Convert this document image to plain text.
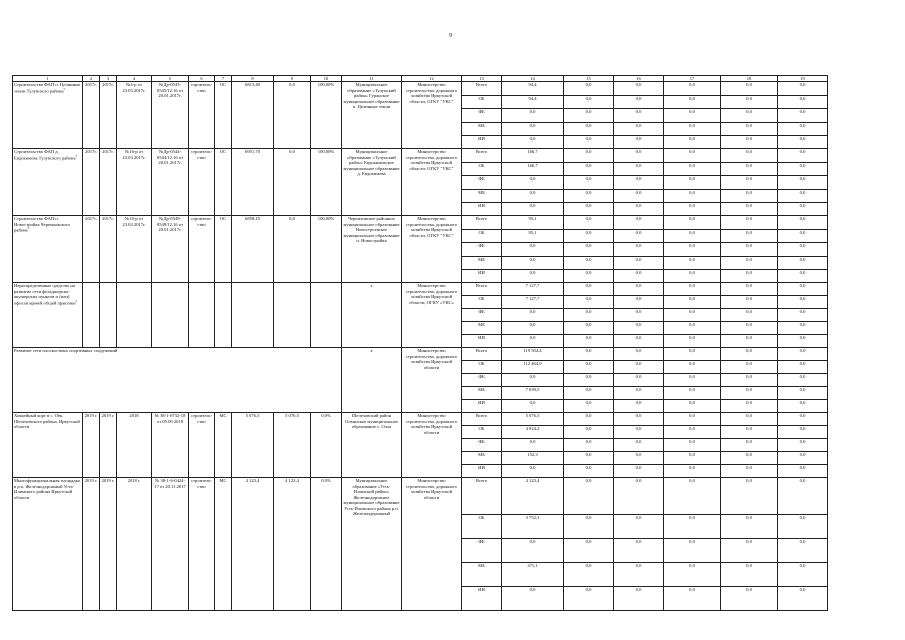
9
1	2	3	4	5	6	7	8	9	10	11	12	13	14	15	16	17	18	19
Строительство ФАП п. Целинные земли Тулунского района$^5$	2017г.	2017г.	№4-р от 23.03.2017г.	№Др-0545-0545/12.16 от 20.01.2017г.	строитель-ство	ОС	6813,40	0,0	100,00%	Муниципальное образование «Тулунский район» Гуранское муниципальное образование п. Целинные земли	Министерство строительства, дорожного хозяйства Иркутской области, ОГКУ "УКС"	Всего	94,4	0,0	0,0	0,0	0,0	0,0
												ОБ	94,4	0,0	0,0	0,0	0,0	0,0
												ФБ	0,0	0,0	0,0	0,0	0,0	0,0
												МБ	0,0	0,0	0,0	0,0	0,0	0,0
												ИИ	0,0	0,0	0,0	0,0	0,0	0,0
Строительство ФАП д. Евдокимова Тулунского района$^5$	2017г.	2017г.	№16-р от 23.03.2017г.	№Др-0544-0544/12.16 от 20.01.2017г.	строитель-ство	ОС	6951,70	0,0	100,00%	Муниципальное образование «Тулунский район» Евдокимовское муниципальное образование д. Евдокимова	Министерство строительства, дорожного хозяйства Иркутской области, ОГКУ "УКС"	Всего	166,7	0,0	0,0	0,0	0,0	0,0
												ОБ	166,7	0,0	0,0	0,0	0,0	0,0
												ФБ	0,0	0,0	0,0	0,0	0,0	0,0
												МБ	0,0	0,0	0,0	0,0	0,0	0,0
												ИИ	0,0	0,0	0,0	0,0	0,0	0,0
Строительство ФАП п. Новостройка Черемховского района$^5$	2017г.	2017г.	№10-р от 23.03.2017г.	№Др-0549-0549/12.16 от 20.01.2017г.	строитель-ство	ОС	6858,10	0,0	100,00%	Черемховское районное муниципальное образование Новостроевское муниципальное образование п. Новостройка	Министерство строительства, дорожного хозяйства Иркутской области, ОГКУ "УКС"	Всего	95,1	0,0	0,0	0,0	0,0	0,0
												ОБ	95,1	0,0	0,0	0,0	0,0	0,0
												ФБ	0,0	0,0	0,0	0,0	0,0	0,0
												МБ	0,0	0,0	0,0	0,0	0,0	0,0
												ИИ	0,0	0,0	0,0	0,0	0,0	0,0
Нераспределенные средства на развитие сети фельдшерско-акушерских пунктов и (или) офисов врачей общей практики$^5$										x	Министерство строительства, дорожного хозяйства Иркутской области, ОГКУ «УКС»	Всего	7 127,7	0,0	0,0	0,0	0,0	0,0
												ОБ	7 127,7	0,0	0,0	0,0	0,0	0,0
												ФБ	0,0	0,0	0,0	0,0	0,0	0,0
												МБ	0,0	0,0	0,0	0,0	0,0	0,0
												ИИ	0,0	0,0	0,0	0,0	0,0	0,0
Развитие сети плоскостных спортивных сооружений										x	Министерство строительства, дорожного хозяйства Иркутской области	Всего	119 504,4	0,0	0,0	0,0	0,0	0,0
												ОБ	112 464,9	0,0	0,0	0,0	0,0	0,0
												ФБ	0,0	0,0	0,0	0,0	0,0	0,0
												МБ	7 039,5	0,0	0,0	0,0	0,0	0,0
												ИИ	0,0	0,0	0,0	0,0	0,0	0,0
Хоккейный корт в с. Оёк, Шелеховского района, Иркутской области	2019 г.	2019 г.	2018	№ 38-1-0732-18 от 05.09.2018	строитель-ство	МС	5 076,5	5 076,5	0,0%	Шелеховский район Олхинское муниципальное образование с. Олха	Министерство строительства, дорожного хозяйства Иркутской области	Всего	5 076,5	0,0	0,0	0,0	0,0	0,0
												ОБ	4 924,2	0,0	0,0	0,0	0,0	0,0
												ФБ	0,0	0,0	0,0	0,0	0,0	0,0
												МБ	152,3	0,0	0,0	0,0	0,0	0,0
												ИИ	0,0	0,0	0,0	0,0	0,0	0,0
Многофункциональная площадка в р.п. Железнодорожный Усть-Илимского района Иркутской области	2019 г.	2019 г.	2018 г.	№ 38-1-6-0424-17 от 20.11.2017	строитель-ство	МС	4 123,4	4 123,4	0,0%	Муниципальное образование «Усть-Илимский район» Железнодорожное муниципальное образование Усть-Илимского района р.п. Железнодорожный	Министерство строительства, дорожного хозяйства Иркутской области	Всего	4 123,4	0,0	0,0	0,0	0,0	0,0
												ОБ	3 752,3	0,0	0,0	0,0	0,0	0,0
												ФБ	0,0	0,0	0,0	0,0	0,0	0,0
												МБ	371,1	0,0	0,0	0,0	0,0	0,0
												ИИ	0,0	0,0	0,0	0,0	0,0	0,0
